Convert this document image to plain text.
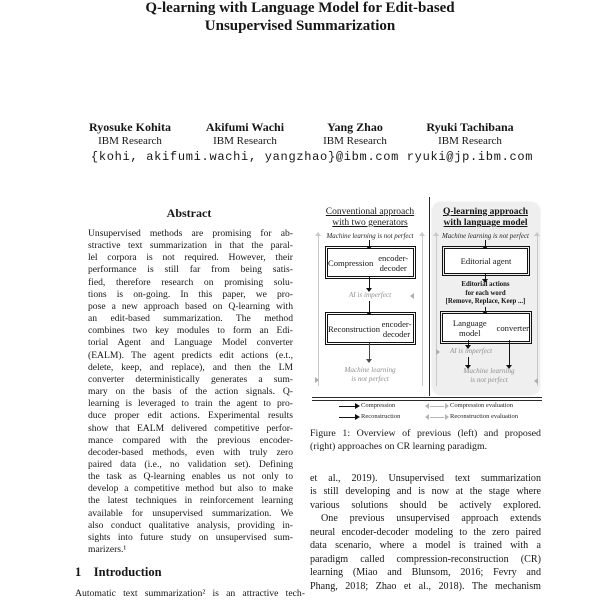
Q-learning with Language Model for Edit-based
Unsupervised Summarization
Ryosuke Kohita
IBM Research
Akifumi Wachi
IBM Research
Yang Zhao
IBM Research
Ryuki Tachibana
IBM Research
{kohi, akifumi.wachi, yangzhao}@ibm.com ryuki@jp.ibm.com
Abstract
Unsupervised methods are promising for ab-
stractive text summarization in that the paral-
lel corpora is not required. However, their
performance is still far from being satis-
fied, therefore research on promising solu-
tions is on-going. In this paper, we pro-
pose a new approach based on Q-learning with
an edit-based summarization. The method
combines two key modules to form an Edi-
torial Agent and Language Model converter
(EALM). The agent predicts edit actions (e.t.,
delete, keep, and replace), and then the LM
converter deterministically generates a sum-
mary on the basis of the action signals. Q-
learning is leveraged to train the agent to pro-
duce proper edit actions. Experimental results
show that EALM delivered competitive perfor-
mance compared with the previous encoder-
decoder-based methods, even with truly zero
paired data (i.e., no validation set). Defining
the task as Q-learning enables us not only to
develop a competitive method but also to make
the latest techniques in reinforcement learning
available for unsupervised summarization. We
also conduct qualitative analysis, providing in-
sights into future study on unsupervised sum-
marizers.¹
1 Introduction
Automatic text summarization² is an attractive tech-
Conventional approach
with two generators
Machine learning is not perfect
Compression encoder-decoder
AI is imperfect
Reconstruction encoder-decoder
Machine learning
is not perfect
Q-learning approach
with language model
Machine learning is not perfect
Editorial agent
Editorial actions
for each word
[Remove, Replace, Keep ...]
Language model	converter
AI is imperfect
Machine learning
is not perfect
Compression	Compression evaluation
Reconstruction	Reconstruction evaluation
Figure 1: Overview of previous (left) and proposed
(right) approaches on CR learning paradigm.
et al., 2019). Unsupervised text summarization
is still developing and is now at the stage where
various solutions should be actively explored.
One previous unsupervised approach extends
neural encoder-decoder modeling to the zero paired
data scenario, where a model is trained with a
paradigm called compression-reconstruction (CR)
learning (Miao and Blunsom, 2016; Fevry and
Phang, 2018; Zhao et al., 2018). The mechanism
